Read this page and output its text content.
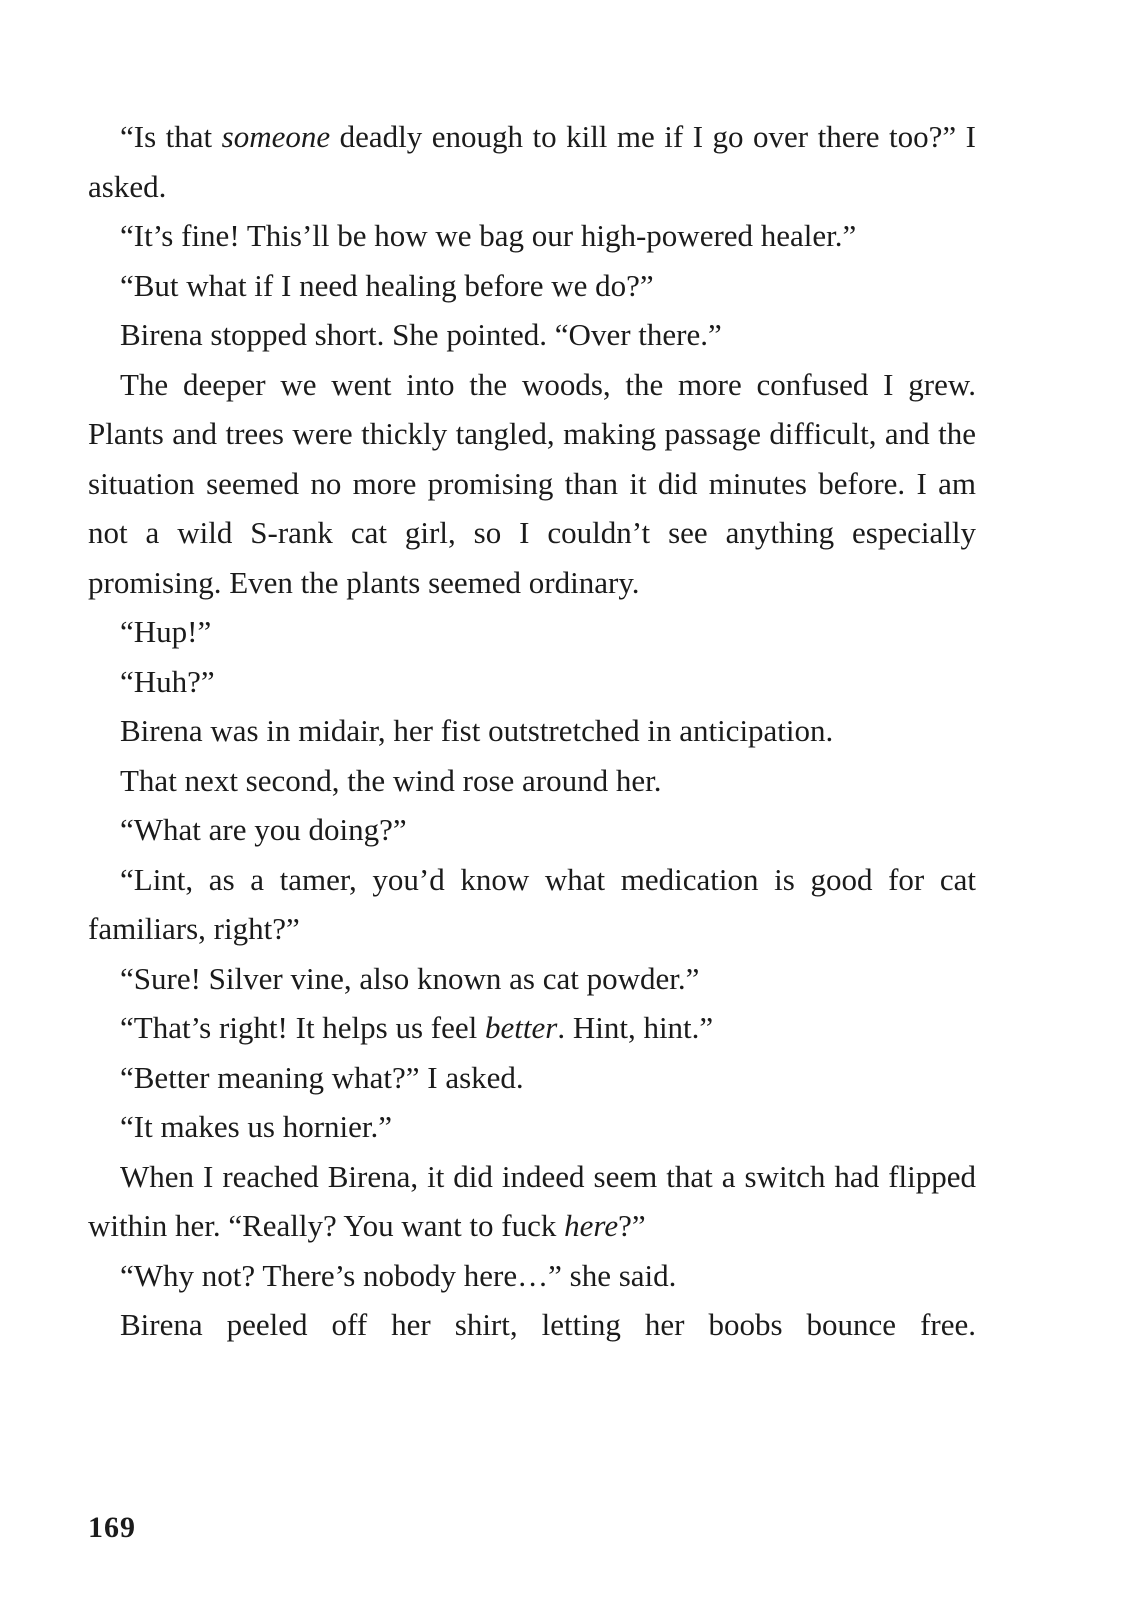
“Is that someone deadly enough to kill me if I go over there too?” I asked.

“It’s fine! This’ll be how we bag our high-powered healer.”

“But what if I need healing before we do?”

Birena stopped short. She pointed. “Over there.”

The deeper we went into the woods, the more confused I grew. Plants and trees were thickly tangled, making passage difficult, and the situation seemed no more promising than it did minutes before. I am not a wild S-rank cat girl, so I couldn’t see anything especially promising. Even the plants seemed ordinary.

“Hup!”

“Huh?”

Birena was in midair, her fist outstretched in anticipation.

That next second, the wind rose around her.

“What are you doing?”

“Lint, as a tamer, you’d know what medication is good for cat familiars, right?”

“Sure! Silver vine, also known as cat powder.”

“That’s right! It helps us feel better. Hint, hint.”

“Better meaning what?” I asked.

“It makes us hornier.”

When I reached Birena, it did indeed seem that a switch had flipped within her. “Really? You want to fuck here?”

“Why not? There’s nobody here…” she said.

Birena peeled off her shirt, letting her boobs bounce free.

169
